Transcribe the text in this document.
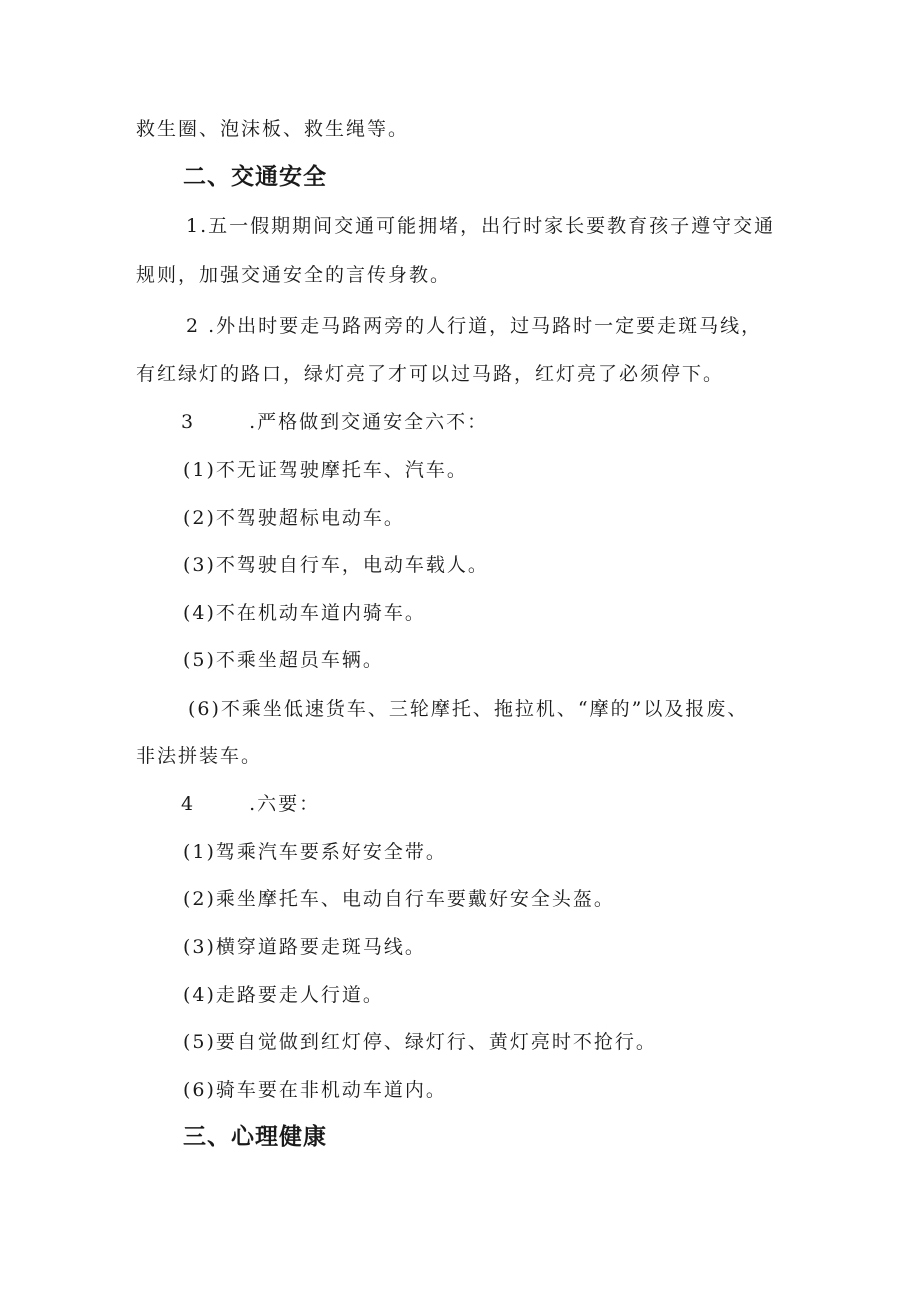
救生圈、泡沫板、救生绳等。
二、交通安全
1.五一假期期间交通可能拥堵，出行时家长要教育孩子遵守交通
规则，加强交通安全的言传身教。
2 .外出时要走马路两旁的人行道，过马路时一定要走斑马线，
有红绿灯的路口，绿灯亮了才可以过马路，红灯亮了必须停下。
3	.严格做到交通安全六不：
(1)不无证驾驶摩托车、汽车。
(2)不驾驶超标电动车。
(3)不驾驶自行车，电动车载人。
(4)不在机动车道内骑车。
(5)不乘坐超员车辆。
(6)不乘坐低速货车、三轮摩托、拖拉机、“摩的”以及报废、
非法拼装车。
4	.六要：
(1)驾乘汽车要系好安全带。
(2)乘坐摩托车、电动自行车要戴好安全头盔。
(3)横穿道路要走斑马线。
(4)走路要走人行道。
(5)要自觉做到红灯停、绿灯行、黄灯亮时不抢行。
(6)骑车要在非机动车道内。
三、心理健康
